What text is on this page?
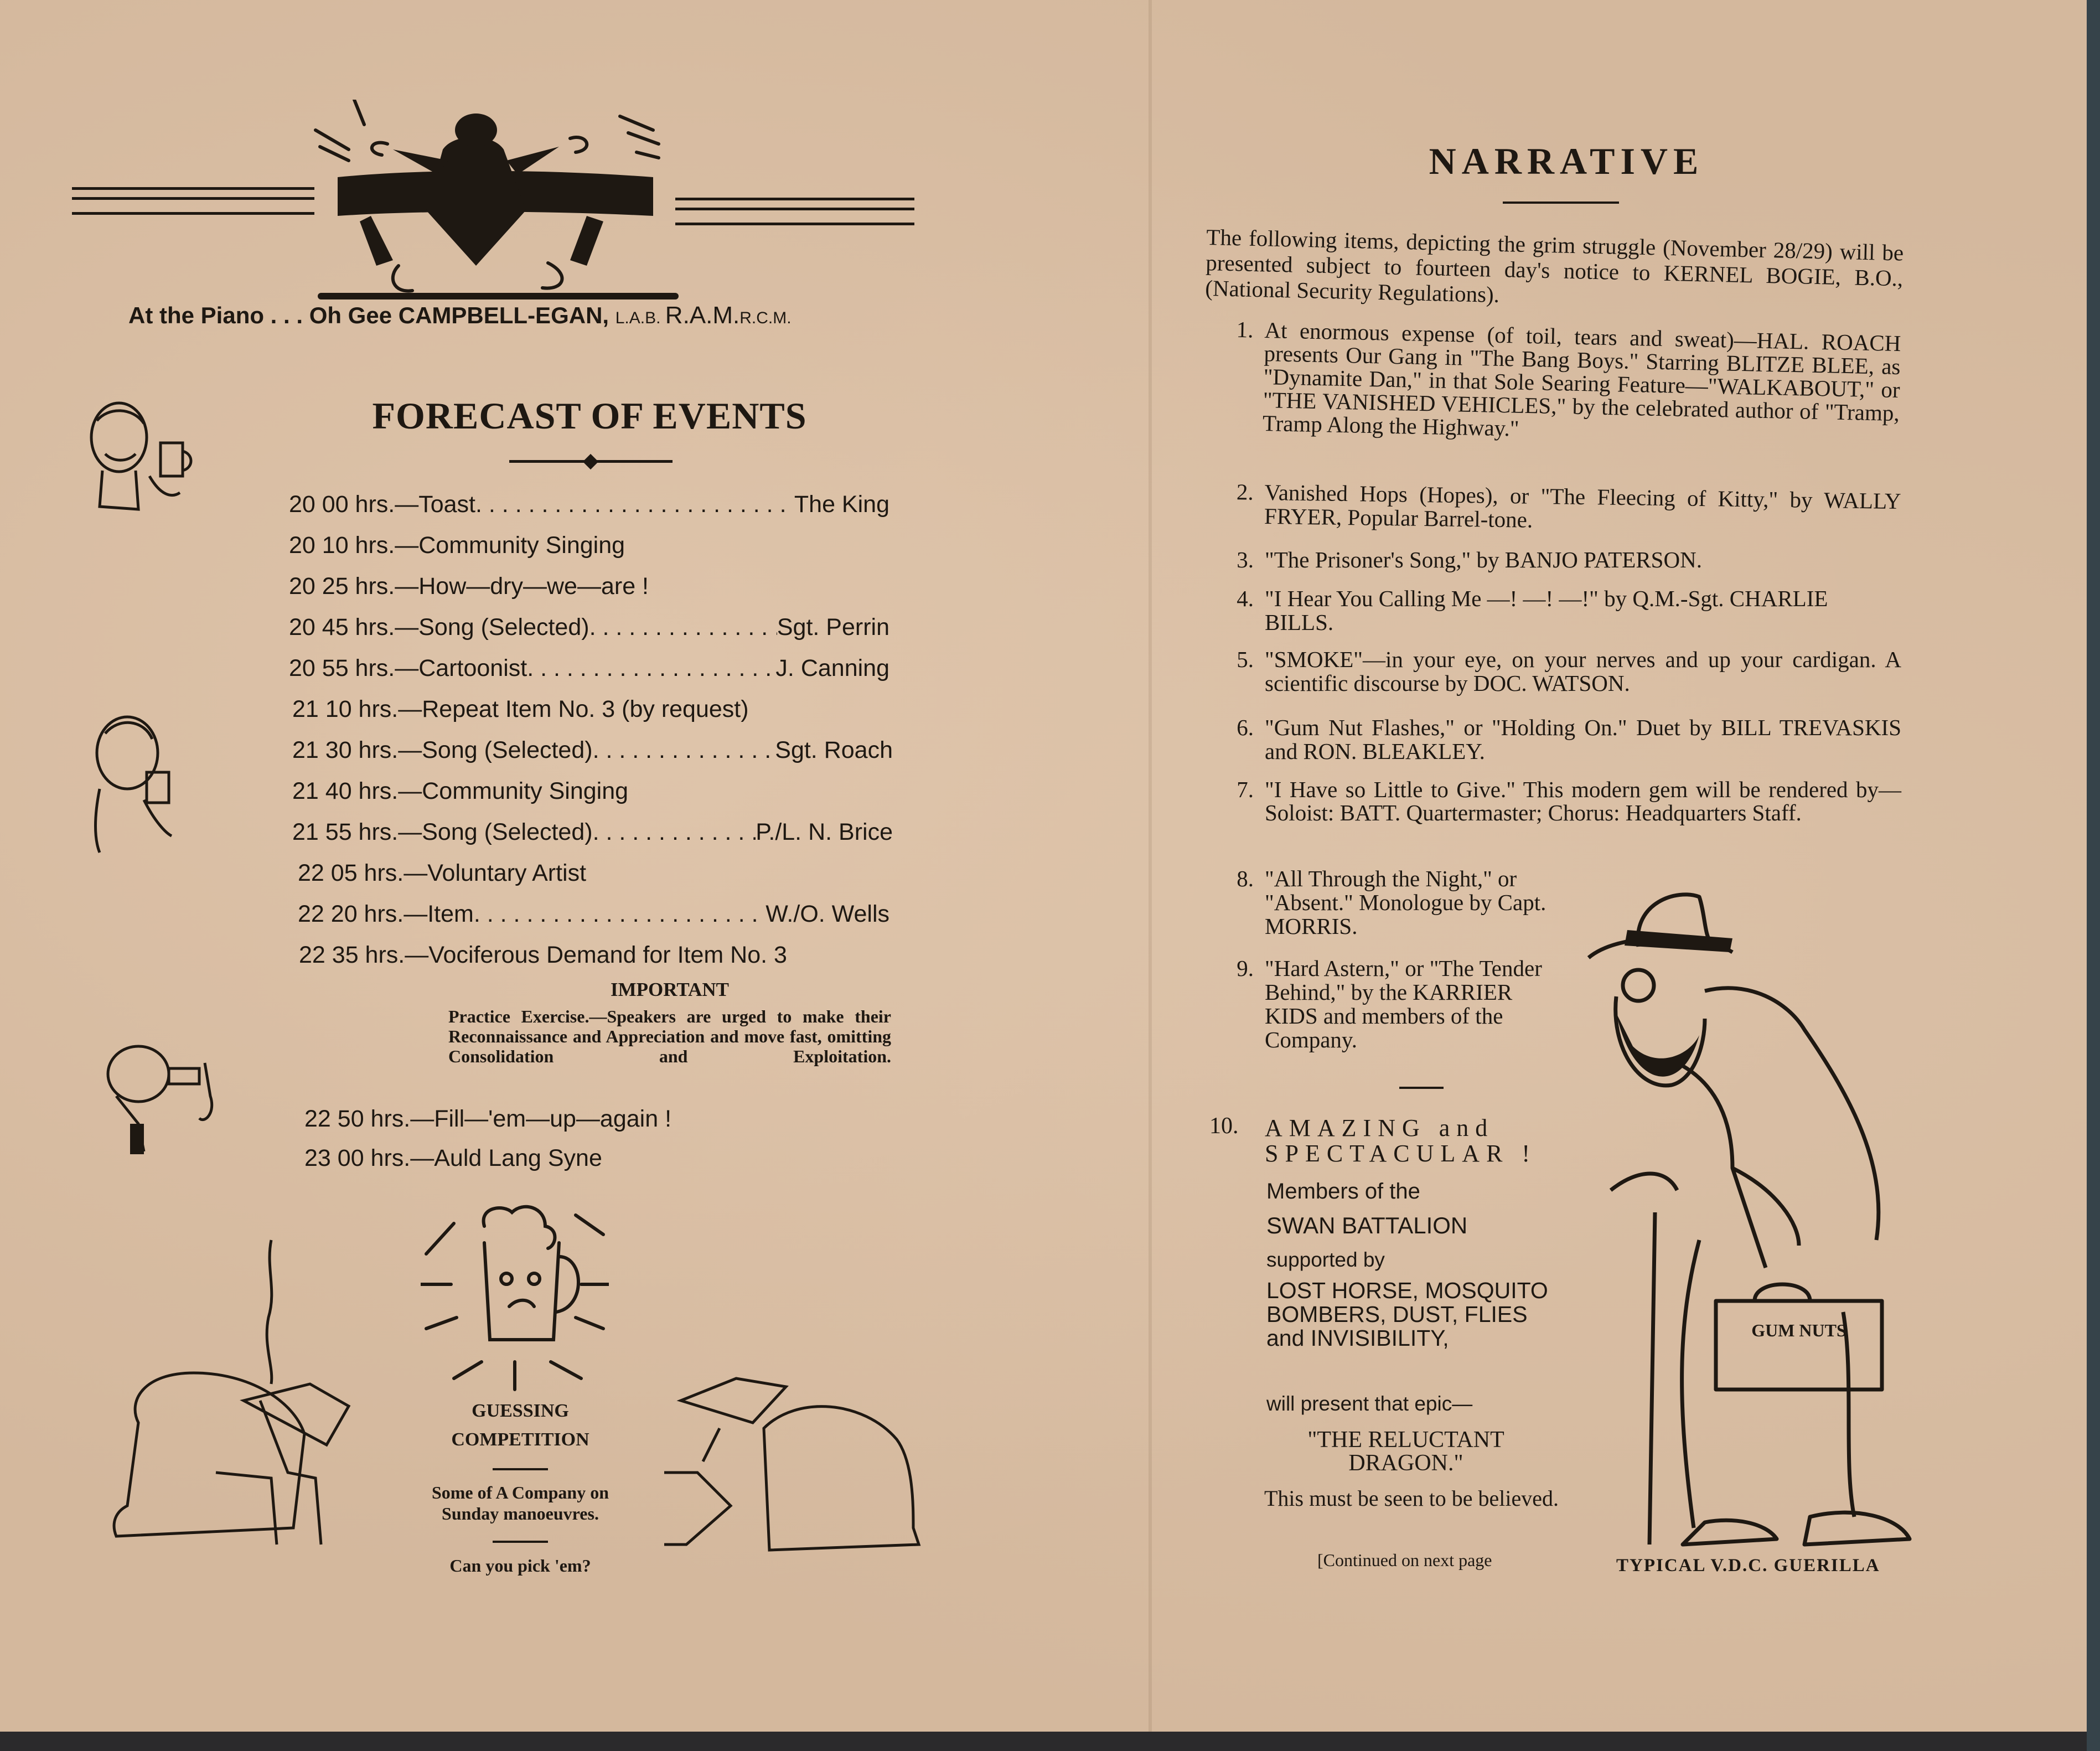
At the Piano . . . Oh Gee CAMPBELL-EGAN, L.A.B. R.A.M.R.C.M.
FORECAST OF EVENTS
20 00 hrs.—Toast . . .	The King
20 10 hrs.—Community Singing
20 25 hrs.—How—dry—we—are !
20 45 hrs.—Song (Selected) . . .	Sgt. Perrin
20 55 hrs.—Cartoonist . . .	J. Canning
21 10 hrs.—Repeat Item No. 3 (by request)
21 30 hrs.—Song (Selected) . . .	Sgt. Roach
21 40 hrs.—Community Singing
21 55 hrs.—Song (Selected) . . .	P./L. N. Brice
22 05 hrs.—Voluntary Artist
22 20 hrs.—Item . . .	W./O. Wells
22 35 hrs.—Vociferous Demand for Item No. 3
IMPORTANT
Practice Exercise.—Speakers are urged to make their Reconnaissance and Appreciation and move fast, omitting Consolidation and Exploitation.
22 50 hrs.—Fill—'em—up—again !
23 00 hrs.—Auld Lang Syne
GUESSING
COMPETITION
Some of A Company on
Sunday manoeuvres.
Can you pick 'em?
NARRATIVE
The following items, depicting the grim struggle (November 28/29) will be presented subject to fourteen day's notice to KERNEL BOGIE, B.O., (National Security Regulations).
1. At enormous expense (of toil, tears and sweat)—HAL. ROACH presents Our Gang in "The Bang Boys." Starring BLITZE BLEE, as "Dynamite Dan," in that Sole Searing Feature—"WALKABOUT," or "THE VANISHED VEHICLES," by the celebrated author of "Tramp, Tramp Along the Highway."
2. Vanished Hops (Hopes), or "The Fleecing of Kitty," by WALLY FRYER, Popular Barrel-tone.
3. "The Prisoner's Song," by BANJO PATERSON.
4. "I Hear You Calling Me —! —! —!" by Q.M.-Sgt. CHARLIE BILLS.
5. "SMOKE"—in your eye, on your nerves and up your cardigan. A scientific discourse by DOC. WATSON.
6. "Gum Nut Flashes," or "Holding On." Duet by BILL TREVASKIS and RON. BLEAKLEY.
7. "I Have so Little to Give." This modern gem will be rendered by—Soloist: BATT. Quartermaster; Chorus: Headquarters Staff.
8. "All Through the Night," or "Absent." Monologue by Capt. MORRIS.
9. "Hard Astern," or "The Tender Behind," by the KARRIER KIDS and members of the Company.
10. AMAZING and
SPECTACULAR !
Members of the
SWAN BATTALION
supported by
LOST HORSE, MOSQUITO BOMBERS, DUST, FLIES and INVISIBILITY,
will present that epic—
"THE RELUCTANT DRAGON."
This must be seen to be believed.
[Continued on next page
GUM NUTS
TYPICAL V.D.C. GUERILLA
